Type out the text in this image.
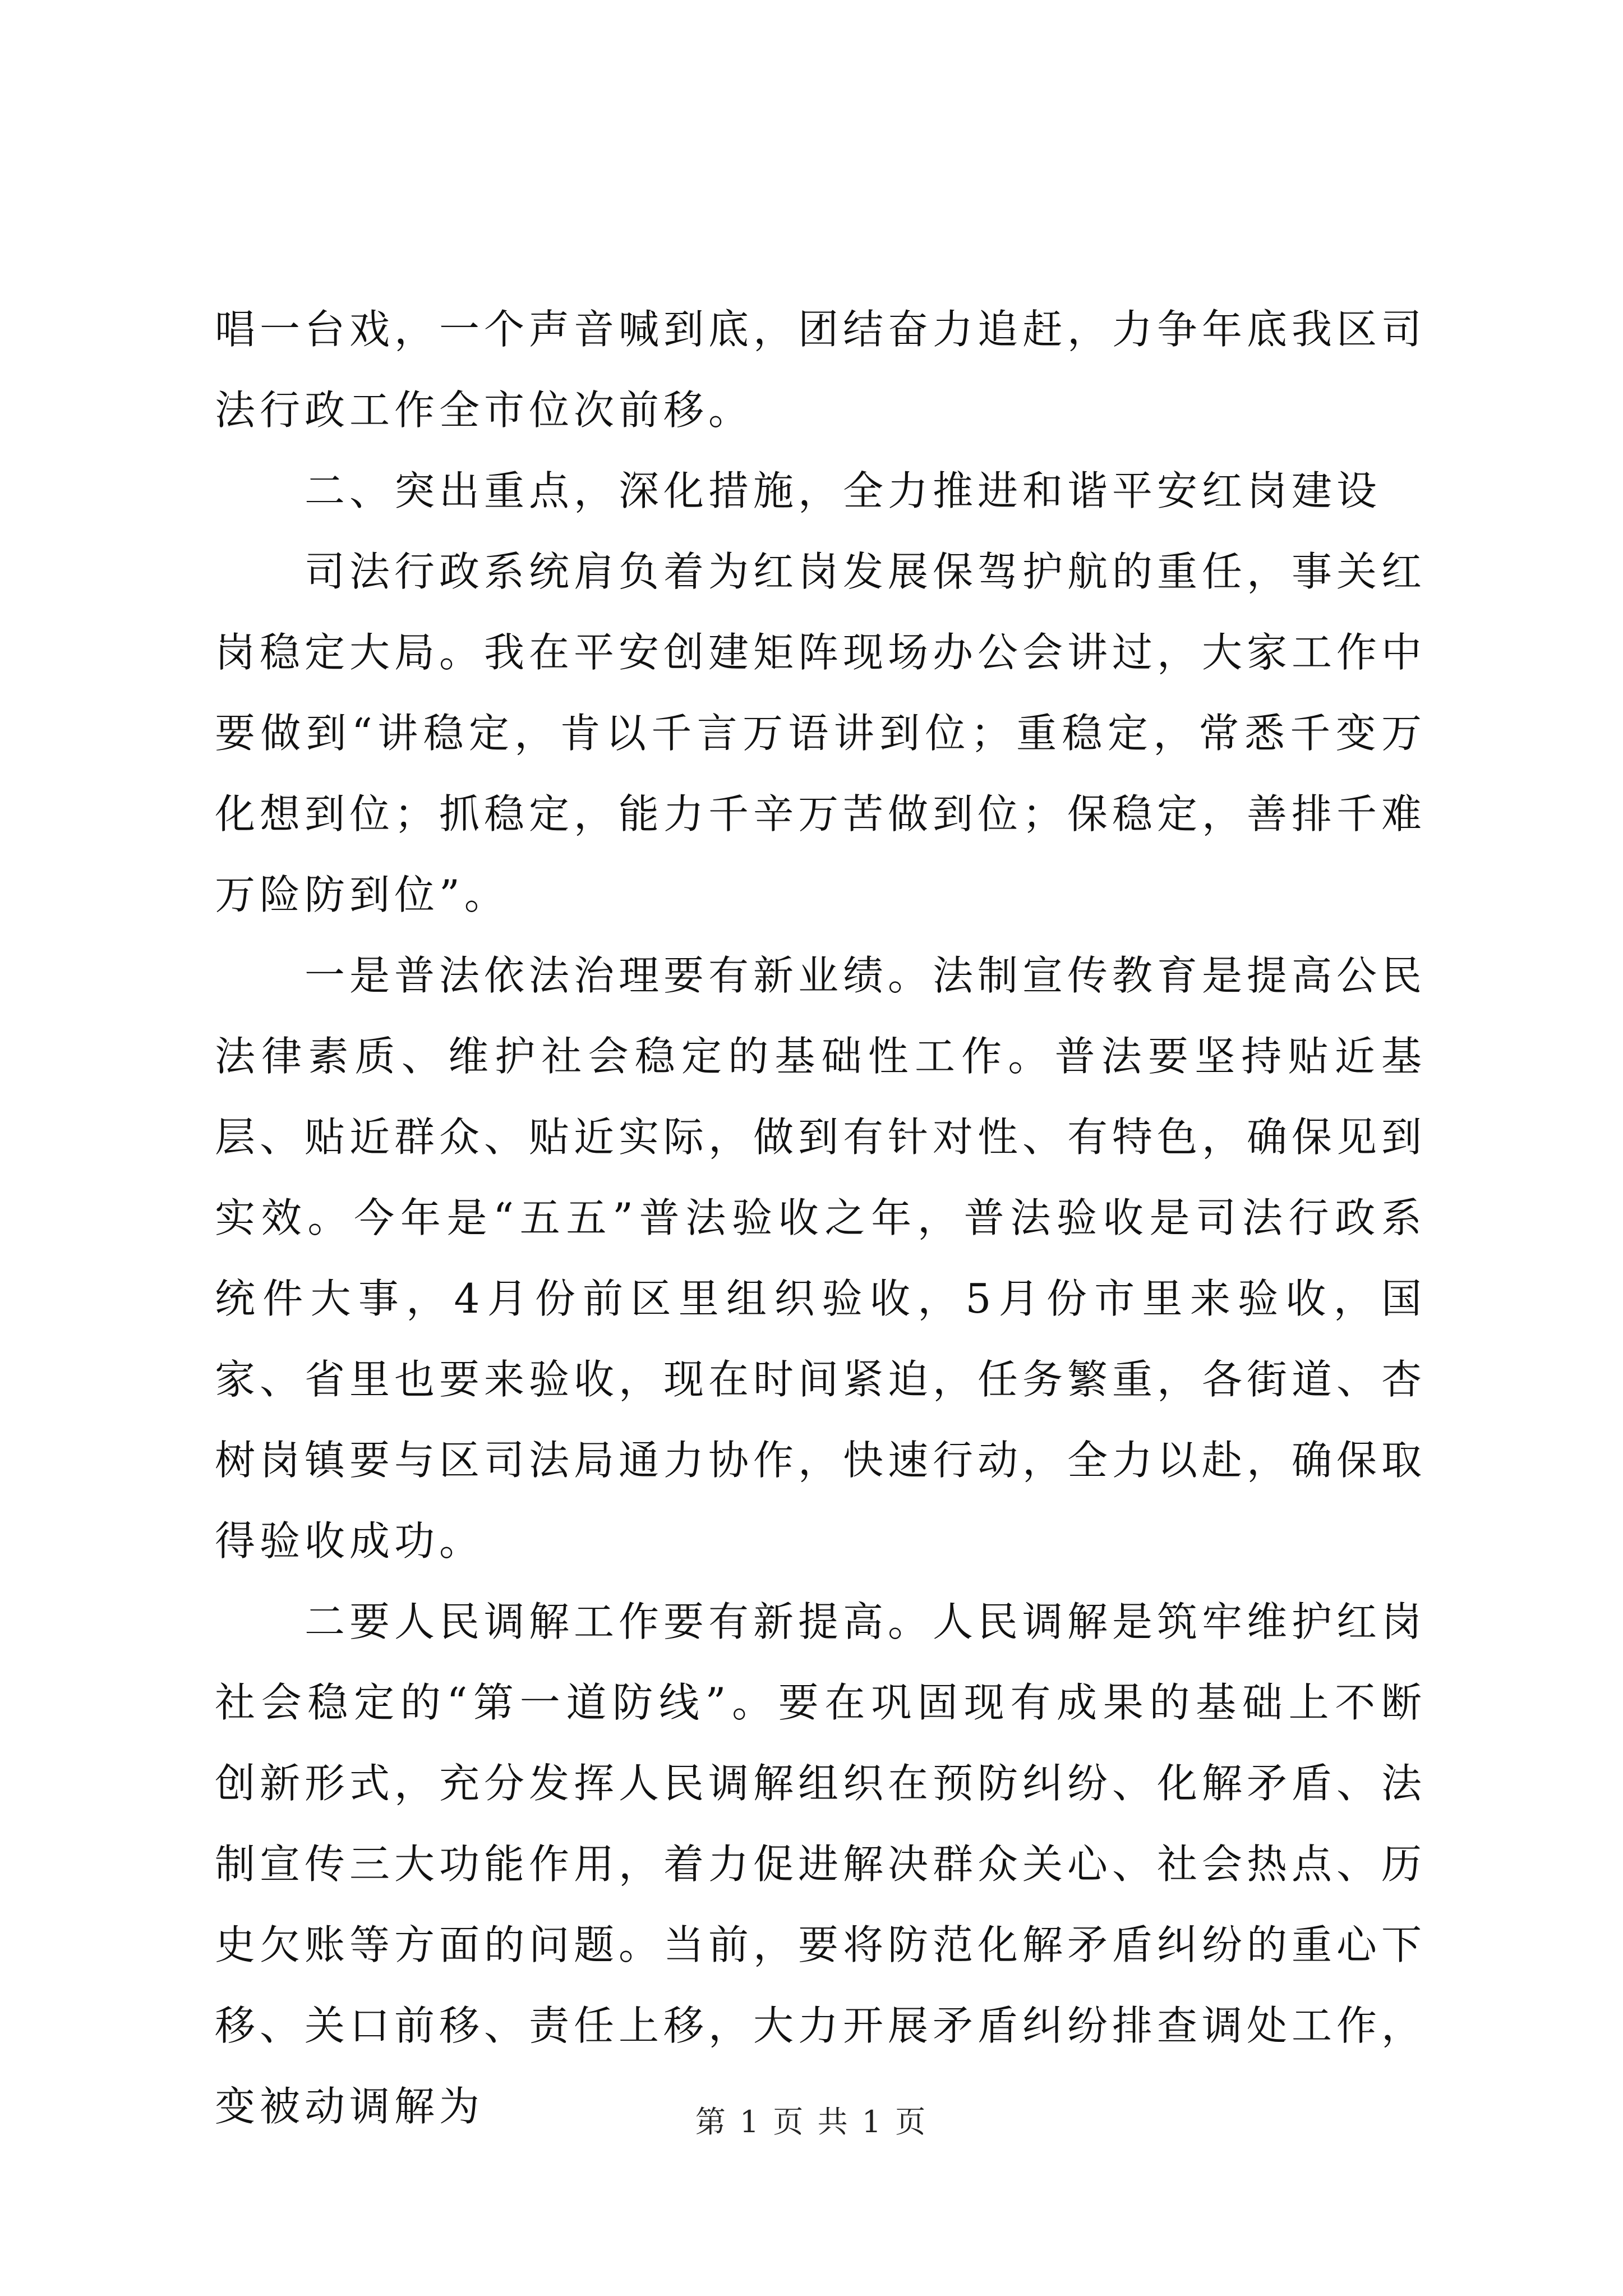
唱一台戏，一个声音喊到底，团结奋力追赶，力争年底我区司法行政工作全市位次前移。

二、突出重点，深化措施，全力推进和谐平安红岗建设

司法行政系统肩负着为红岗发展保驾护航的重任，事关红岗稳定大局。我在平安创建矩阵现场办公会讲过，大家工作中要做到“讲稳定，肯以千言万语讲到位；重稳定，常悉千变万化想到位；抓稳定，能力千辛万苦做到位；保稳定，善排千难万险防到位”。

一是普法依法治理要有新业绩。法制宣传教育是提高公民法律素质、维护社会稳定的基础性工作。普法要坚持贴近基层、贴近群众、贴近实际，做到有针对性、有特色，确保见到实效。今年是“五五”普法验收之年，普法验收是司法行政系统件大事，4月份前区里组织验收，5月份市里来验收，国家、省里也要来验收，现在时间紧迫，任务繁重，各街道、杏树岗镇要与区司法局通力协作，快速行动，全力以赴，确保取得验收成功。

二要人民调解工作要有新提高。人民调解是筑牢维护红岗社会稳定的“第一道防线”。要在巩固现有成果的基础上不断创新形式，充分发挥人民调解组织在预防纠纷、化解矛盾、法制宣传三大功能作用，着力促进解决群众关心、社会热点、历史欠账等方面的问题。当前，要将防范化解矛盾纠纷的重心下移、关口前移、责任上移，大力开展矛盾纠纷排查调处工作，变被动调解为	第 1 页 共 1 页
